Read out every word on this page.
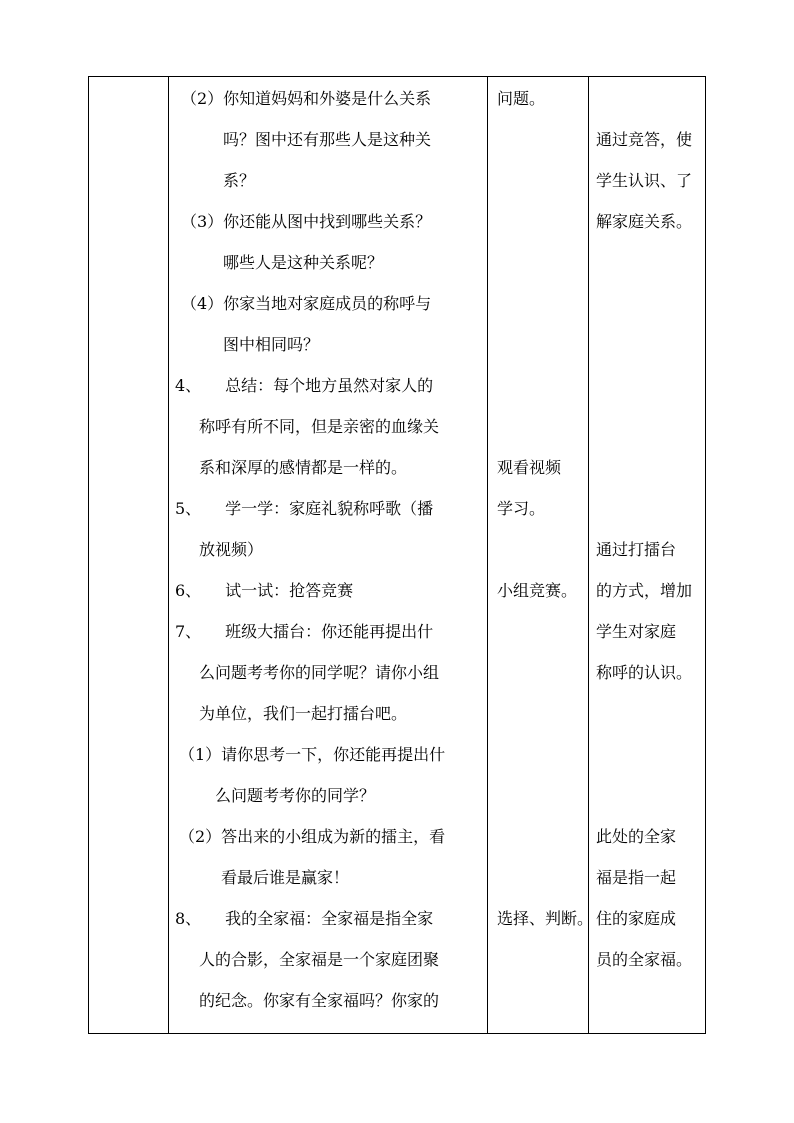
（2）你知道妈妈和外婆是什么关系
吗？图中还有那些人是这种关
系？
（3）你还能从图中找到哪些关系？
哪些人是这种关系呢？
（4）你家当地对家庭成员的称呼与
图中相同吗？
4、　　总结：每个地方虽然对家人的
称呼有所不同，但是亲密的血缘关
系和深厚的感情都是一样的。
5、　　学一学：家庭礼貌称呼歌（播
放视频）
6、　　试一试：抢答竞赛
7、　　班级大擂台：你还能再提出什
么问题考考你的同学呢？请你小组
为单位，我们一起打擂台吧。
（1）请你思考一下，你还能再提出什
么问题考考你的同学？
（2）答出来的小组成为新的擂主，看
看最后谁是赢家！
8、　　我的全家福：全家福是指全家
人的合影，全家福是一个家庭团聚
的纪念。你家有全家福吗？你家的
问题。
观看视频
学习。
小组竞赛。
选择、判断。
通过竞答，使
学生认识、了
解家庭关系。
通过打擂台
的方式，增加
学生对家庭
称呼的认识。
此处的全家
福是指一起
住的家庭成
员的全家福。
